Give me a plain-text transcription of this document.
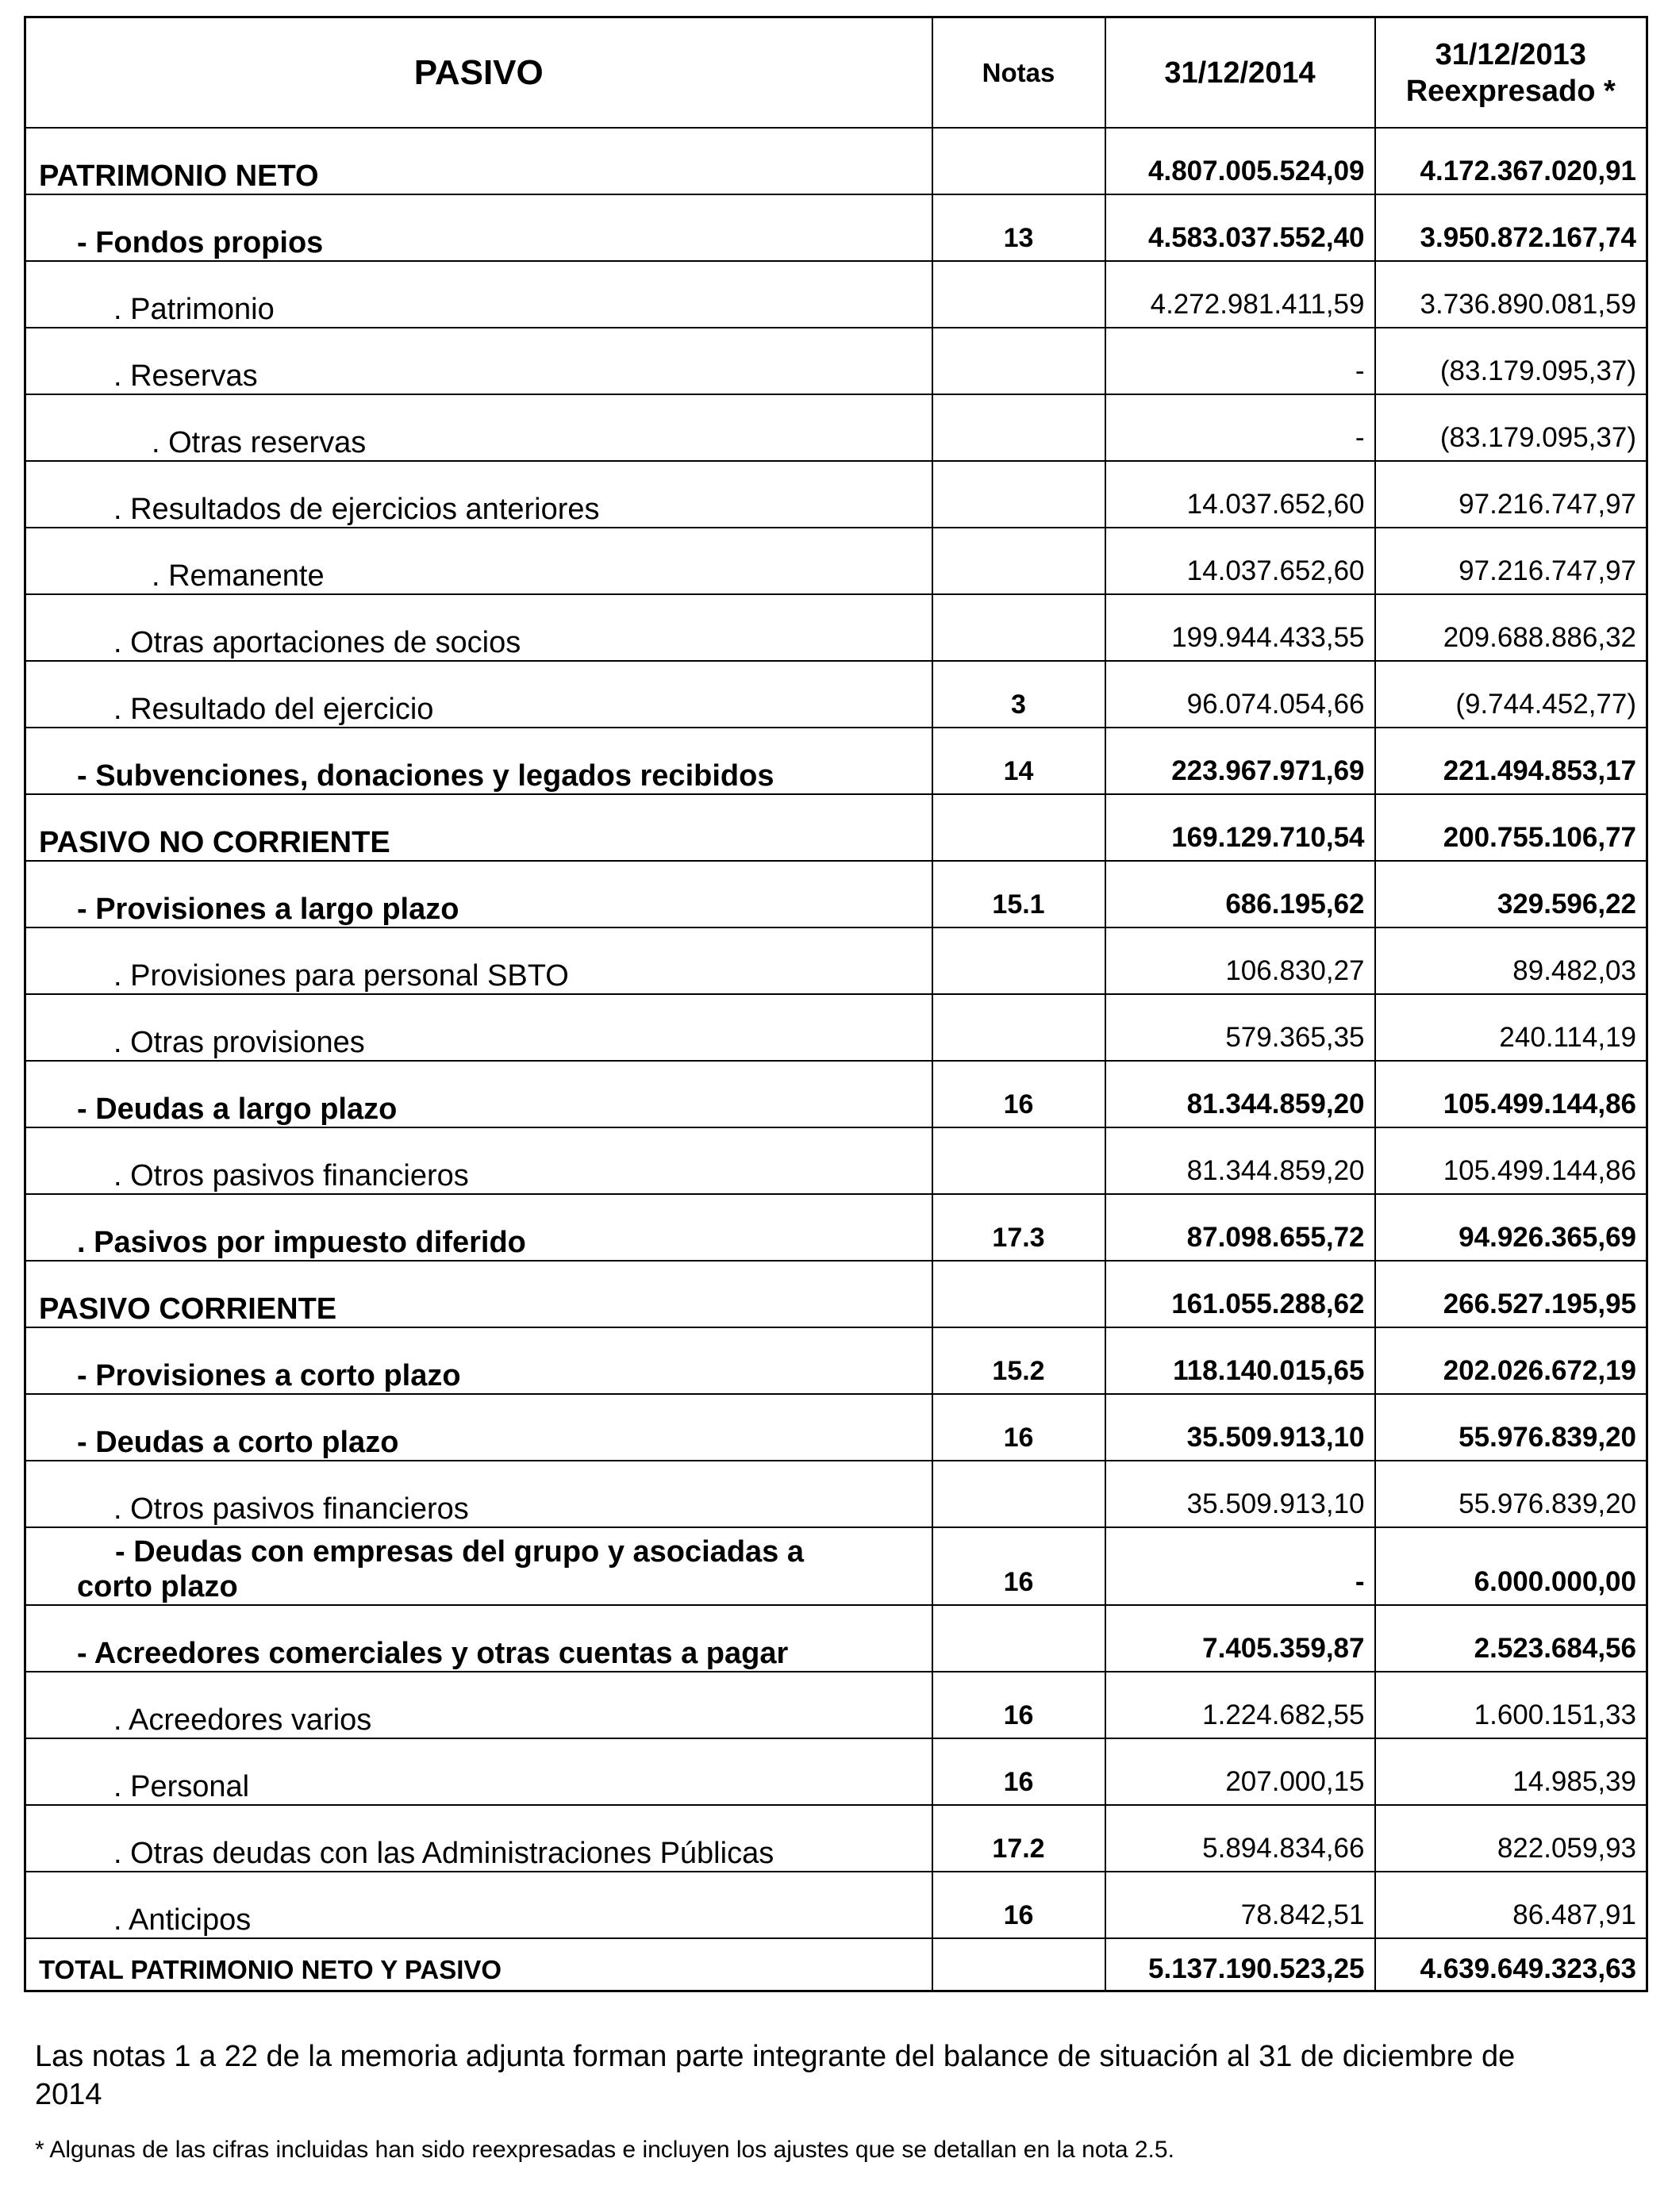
PASIVO	Notas	31/12/2014	31/12/2013
Reexpresado *
PATRIMONIO NETO		4.807.005.524,09	4.172.367.020,91
- Fondos propios	13	4.583.037.552,40	3.950.872.167,74
. Patrimonio		4.272.981.411,59	3.736.890.081,59
. Reservas		-	(83.179.095,37)
. Otras reservas		-	(83.179.095,37)
. Resultados de ejercicios anteriores		14.037.652,60	97.216.747,97
. Remanente		14.037.652,60	97.216.747,97
. Otras aportaciones de socios		199.944.433,55	209.688.886,32
. Resultado del ejercicio	3	96.074.054,66	(9.744.452,77)
- Subvenciones, donaciones y legados recibidos	14	223.967.971,69	221.494.853,17
PASIVO NO CORRIENTE		169.129.710,54	200.755.106,77
- Provisiones a largo plazo	15.1	686.195,62	329.596,22
. Provisiones para personal SBTO		106.830,27	89.482,03
. Otras provisiones		579.365,35	240.114,19
- Deudas a largo plazo	16	81.344.859,20	105.499.144,86
. Otros pasivos financieros		81.344.859,20	105.499.144,86
. Pasivos por impuesto diferido	17.3	87.098.655,72	94.926.365,69
PASIVO CORRIENTE		161.055.288,62	266.527.195,95
- Provisiones a corto plazo	15.2	118.140.015,65	202.026.672,19
- Deudas a corto plazo	16	35.509.913,10	55.976.839,20
. Otros pasivos financieros		35.509.913,10	55.976.839,20

- Deudas con empresas del grupo y asociadas a
corto plazo	16	-	6.000.000,00
- Acreedores comerciales y otras cuentas a pagar		7.405.359,87	2.523.684,56
. Acreedores varios	16	1.224.682,55	1.600.151,33
. Personal	16	207.000,15	14.985,39
. Otras deudas con las Administraciones Públicas	17.2	5.894.834,66	822.059,93
. Anticipos	16	78.842,51	86.487,91
TOTAL PATRIMONIO NETO Y PASIVO		5.137.190.523,25	4.639.649.323,63
Las notas 1 a 22 de la memoria adjunta forman parte integrante del balance de situación al 31 de diciembre de 2014
* Algunas de las cifras incluidas han sido reexpresadas e incluyen los ajustes que se detallan en la nota 2.5.
